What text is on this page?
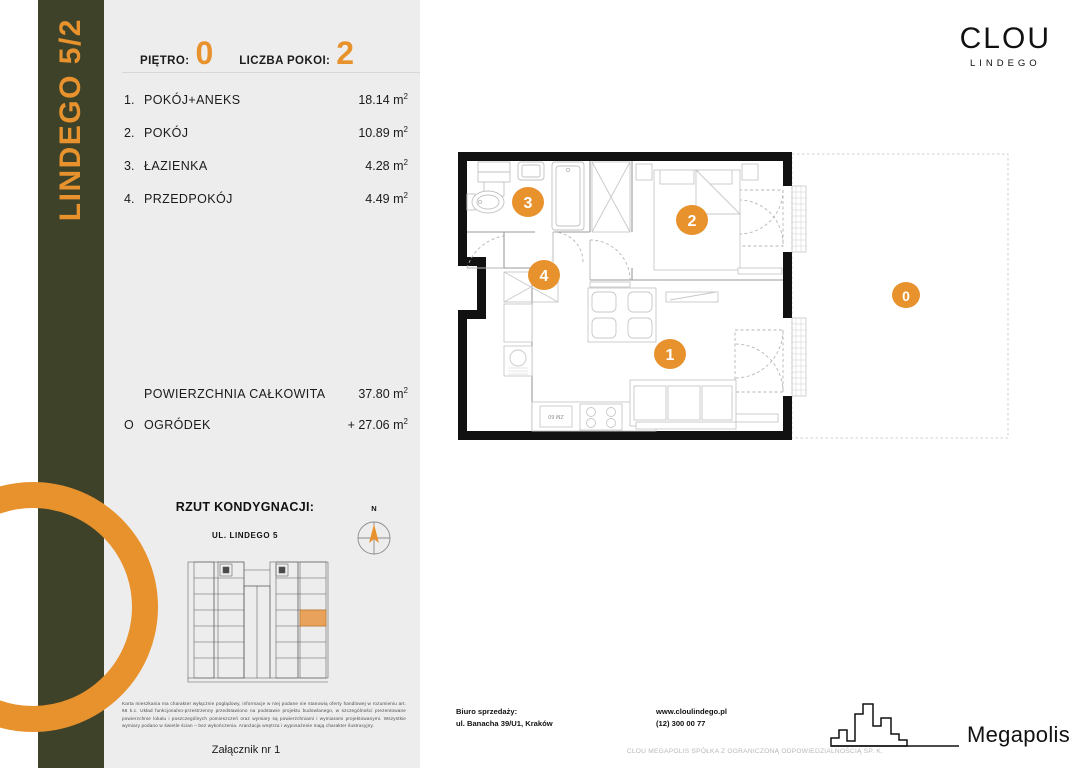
LINDEGO 5/2	PIĘTRO: 0 LICZBA POKOI: 2
1. POKÓJ+ANEKS	18.14 $m^2$
2. POKÓJ	10.89 $m^2$
3. ŁAZIENKA	4.28 $m^2$
4. PRZEDPOKÓJ	4.49 $m^2$
POWIERZCHNIA CAŁKOWITA	37.80 $m^2$
O OGRÓDEK	+ 27.06 $m^2$
RZUT KONDYGNACJI:
UL. LINDEGO 5
N
Karta mieszkania ma charakter wyłącznie poglądowy, informacje w niej podane nie stanowią oferty handlowej w rozumieniu art. 66 k.c. Układ funkcjonalno-przestrzenny przedstawiono na podstawie projektu budowlanego, w szczególności prezentowane powierzchnie lokalu i poszczególnych pomieszczeń oraz wymiary są powierzchniami i wymiarami projektowanymi. Wszystkie wymiary podano w świetle ścian – bez wykończenia. Aranżacja wnętrza i wyposażenie mają charakter ilustracyjny.
Załącznik nr 1
CLOU
LINDEGO
ZM 60
3
2
4
1
0
Biuro sprzedaży:
ul. Banacha 39/U1, Kraków
www.cloulindego.pl
(12) 300 00 77	Megapolis
CLOU MEGAPOLIS SPÓŁKA Z OGRANICZONĄ ODPOWIEDZIALNOŚCIĄ SP. K.
